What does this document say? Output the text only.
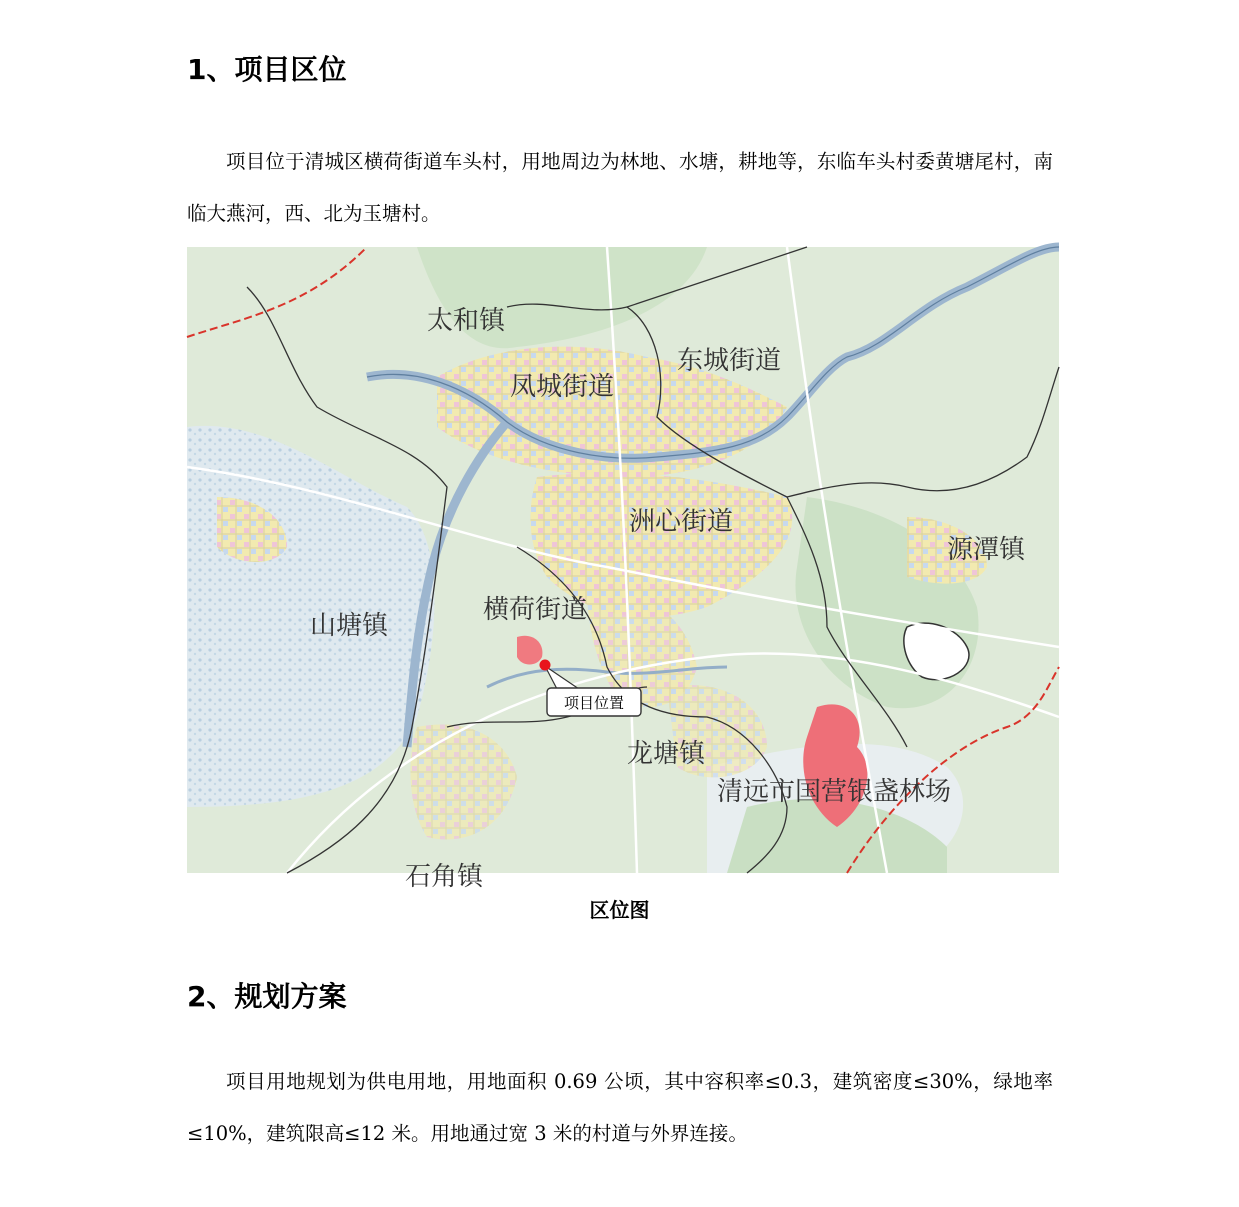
1、项目区位

项目位于清城区横荷街道车头村，用地周边为林地、水塘，耕地等，东临车头村委黄塘尾村，南临大燕河，西、北为玉塘村。

太和镇
凤城街道
东城街道
洲心街道
源潭镇
山塘镇
横荷街道
龙塘镇
清远市国营银盏林场
石角镇
项目位置

区位图

2、规划方案

项目用地规划为供电用地，用地面积 0.69 公顷，其中容积率≤0.3，建筑密度≤30%，绿地率≤10%，建筑限高≤12 米。用地通过宽 3 米的村道与外界连接。
